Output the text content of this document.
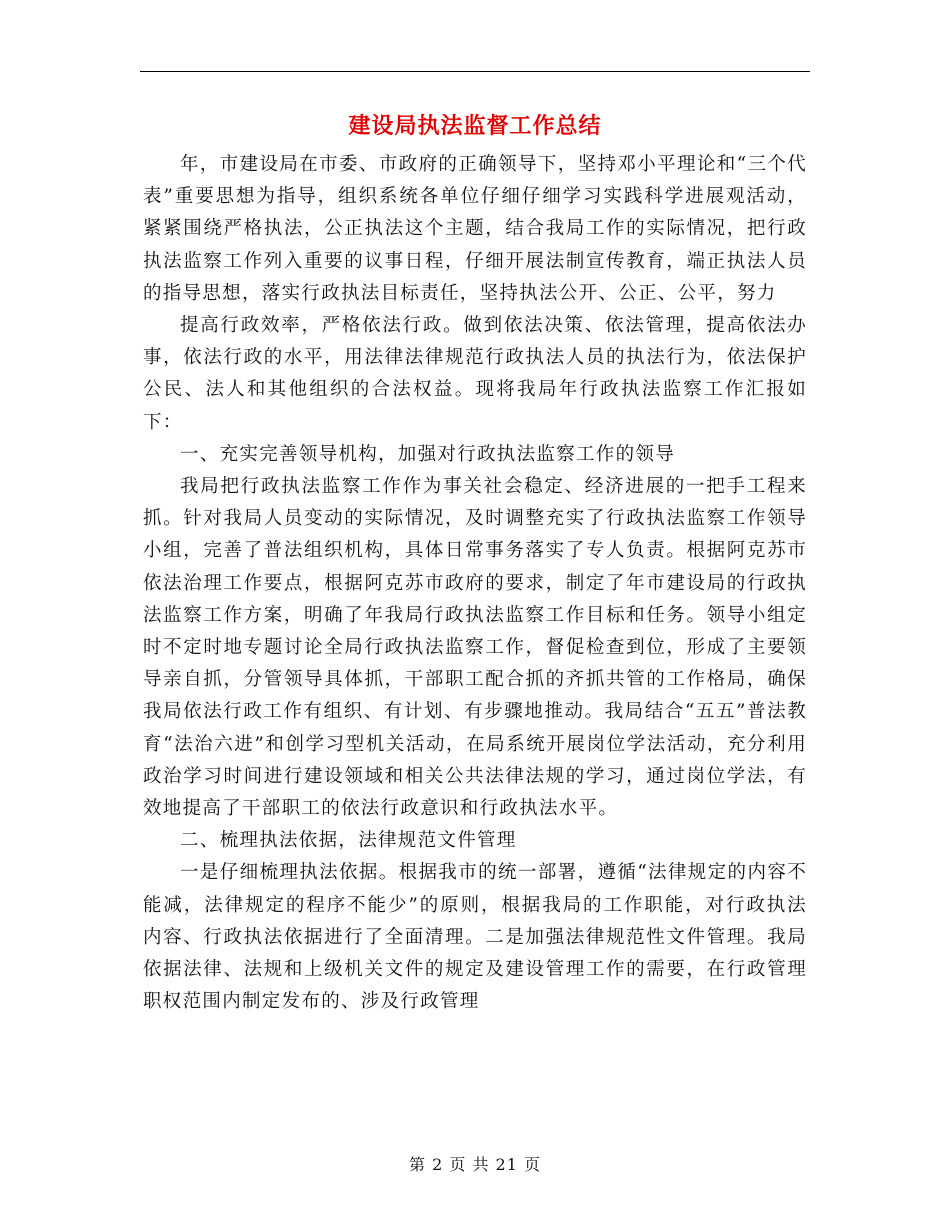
建设局执法监督工作总结

年，市建设局在市委、市政府的正确领导下，坚持邓小平理论和“三个代表”重要思想为指导，组织系统各单位仔细仔细学习实践科学进展观活动，紧紧围绕严格执法，公正执法这个主题，结合我局工作的实际情况，把行政执法监察工作列入重要的议事日程，仔细开展法制宣传教育，端正执法人员的指导思想，落实行政执法目标责任，坚持执法公开、公正、公平，努力

提高行政效率，严格依法行政。做到依法决策、依法管理，提高依法办事，依法行政的水平，用法律法律规范行政执法人员的执法行为，依法保护公民、法人和其他组织的合法权益。现将我局年行政执法监察工作汇报如下：

一、充实完善领导机构，加强对行政执法监察工作的领导

我局把行政执法监察工作作为事关社会稳定、经济进展的一把手工程来抓。针对我局人员变动的实际情况，及时调整充实了行政执法监察工作领导小组，完善了普法组织机构，具体日常事务落实了专人负责。根据阿克苏市依法治理工作要点，根据阿克苏市政府的要求，制定了年市建设局的行政执法监察工作方案，明确了年我局行政执法监察工作目标和任务。领导小组定时不定时地专题讨论全局行政执法监察工作，督促检查到位，形成了主要领导亲自抓，分管领导具体抓，干部职工配合抓的齐抓共管的工作格局，确保我局依法行政工作有组织、有计划、有步骤地推动。我局结合“五五”普法教育“法治六进”和创学习型机关活动，在局系统开展岗位学法活动，充分利用政治学习时间进行建设领域和相关公共法律法规的学习，通过岗位学法，有效地提高了干部职工的依法行政意识和行政执法水平。

二、梳理执法依据，法律规范文件管理

一是仔细梳理执法依据。根据我市的统一部署，遵循“法律规定的内容不能减，法律规定的程序不能少”的原则，根据我局的工作职能，对行政执法内容、行政执法依据进行了全面清理。二是加强法律规范性文件管理。我局依据法律、法规和上级机关文件的规定及建设管理工作的需要，在行政管理职权范围内制定发布的、涉及行政管理

第 2 页 共 21 页
